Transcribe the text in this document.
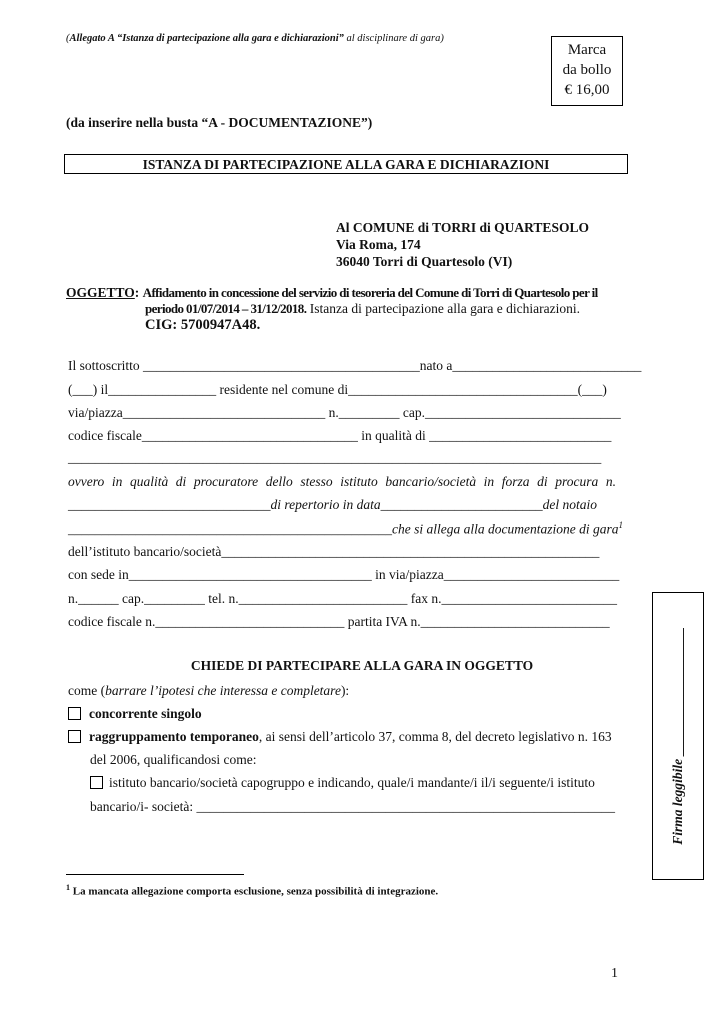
(Allegato A “Istanza di partecipazione alla gara e dichiarazioni” al disciplinare di gara)
Marca
da bollo
€ 16,00
(da inserire nella busta “A - DOCUMENTAZIONE”)
ISTANZA DI PARTECIPAZIONE ALLA GARA E DICHIARAZIONI
Al COMUNE di TORRI di QUARTESOLO
Via Roma, 174
36040 Torri di Quartesolo (VI)
OGGETTO: Affidamento in concessione del servizio di tesoreria del Comune di Torri di Quartesolo per il
periodo 01/07/2014 – 31/12/2018. Istanza di partecipazione alla gara e dichiarazioni.
CIG: 5700947A48.
Il sottoscritto _________________________________________nato a____________________________
(___) il________________ residente nel comune di__________________________________(___)
via/piazza______________________________ n._________ cap._____________________________
codice fiscale________________________________ in qualità di ___________________________
_______________________________________________________________________________
ovvero in qualità di procuratore dello stesso istituto bancario/società in forza di procura n.
______________________________di repertorio in data________________________del notaio
________________________________________________che si allega alla documentazione di gara$^1$
dell’istituto bancario/società________________________________________________________
con sede in____________________________________ in via/piazza__________________________
n.______ cap._________ tel. n._________________________ fax n.__________________________
codice fiscale n.____________________________ partita IVA n.____________________________
CHIEDE DI PARTECIPARE ALLA GARA IN OGGETTO
come (barrare l’ipotesi che interessa e completare):
concorrente singolo
raggruppamento temporaneo, ai sensi dell’articolo 37, comma 8, del decreto legislativo n. 163
del 2006, qualificandosi come:
istituto bancario/società capogruppo e indicando, quale/i mandante/i il/i seguente/i istituto
bancario/i- società: ______________________________________________________________
$^1$ La mancata allegazione comporta esclusione, senza possibilità di integrazione.
1
Firma leggibile ___________________
